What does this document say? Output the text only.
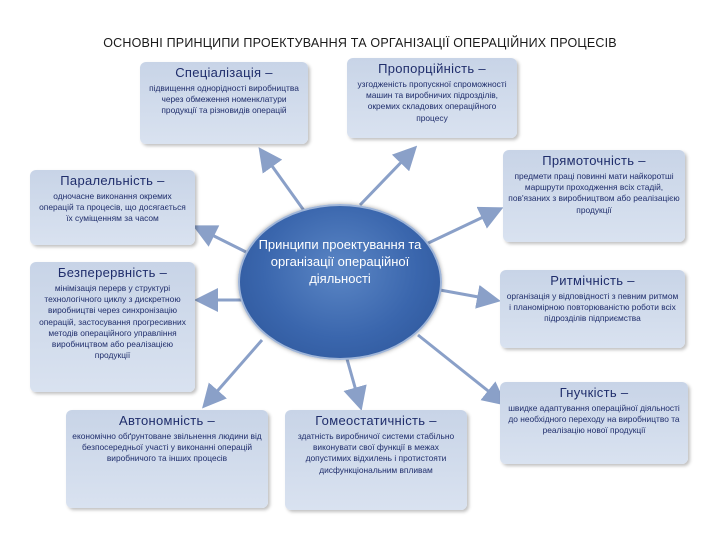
ОСНОВНІ ПРИНЦИПИ ПРОЕКТУВАННЯ ТА ОРГАНІЗАЦІЇ ОПЕРАЦІЙНИХ ПРОЦЕСІВ
Спеціалізація –
підвищення однорідності виробництва через обмеження номенклатури продукції та різновидів операцій
Пропорційність –
узгодженість пропускної спроможності машин та виробничих підрозділів, окремих складових операційного процесу
Паралельність –
одночасне виконання окремих операцій та процесів, що досягається їх суміщенням за часом
Прямоточність –
предмети праці повинні мати найкоротші маршрути проходження всіх стадій, пов'язаних з виробництвом або реалізацією продукції
Безперервність –
мінімізація перерв у структурі технологічного циклу з дискретною виробництві через синхронізацію операцій, застосування прогресивних методів операційного управління виробництвом або реалізацією продукції
Ритмічність –
організація у відповідності з певним ритмом і планомірною повторюваністю роботи всіх підрозділів підприємства
Автономність –
економічно обґрунтоване звільнення людини від безпосередньої участі у виконанні операцій виробничого та інших процесів
Гомеостатичність –
здатність виробничої системи стабільно виконувати свої функції в межах допустимих відхилень і протистояти дисфункціональним впливам
Гнучкість –
швидке адаптування операційної діяльності до необхідного переходу на виробництво та реалізацію нової продукції
Принципи проектування та організації операційної діяльності
